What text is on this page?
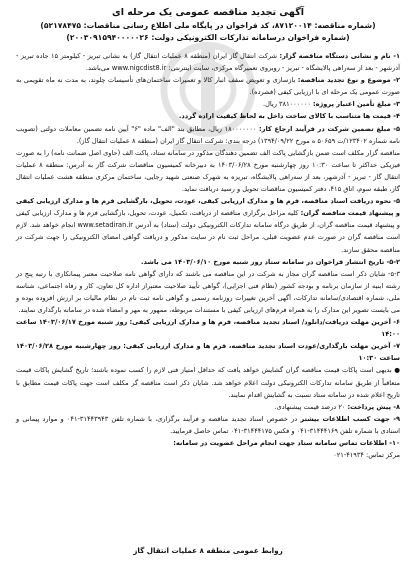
آگهی تجدید مناقصه عمومی یک مرحله ای
(شماره مناقصه: ۸۷۱۲۰۰۱۴، کد فراخوان در پایگاه ملی اطلاع رسانی مناقصات: ۵۲۱۷۸۴۷۵)
(شماره فراخوان درسامانه تدارکات الکترونیکی دولت: ۲۰۰۳۰۹۱۵۹۴۰۰۰۰۰۲۶)

۱- نام و نشانی دستگاه مناقصه گزار: شرکت انتقال گاز ایران (منطقه ۸ عملیات انتقال گاز) به نشانی تبریز - کیلومتر ۱۵ جاده تبریز - آذرشهر - بعد از سه‌راهی پالایشگاه - تبریز - روبروی تعمیرگاه مرکزی، سایت اینترنتی: www.nigcdist8.ir می‌باشد.

۲- موضوع و نوع تجدید مناقصه: بازسازی و تعویض سقف انبار کالا و تعمیرات ساختمان‌های تأسیسات چلوند، به مدت نه ماه تقویمی به صورت عمومی یک مرحله ای با ارزیابی کیفی (فشرده).

۳- مبلغ تأمین اعتبار پروژه: ۳۸۱۰۰۰۰۰۰ ریال.

۴- قیمت ها متناسب با کالای ساخت داخل به لحاظ کیفیت اراده گردد.

۵- مبلغ تضمین شرکت در فرآیند ارجاع کار: ۱۸۰۰۰۰۰۰۰ ریال، مطابق بند "الف" ماده "۶" آیین نامه تضمین معاملات دولتی (تصویب نامه شماره ۱۲۳۴۰۲/ت ۵۰۶۵۹ ه مورخ ۱۳۹۴/۰۹/۲۲) درجه بندی: شرکت انتقال گاز ایران (منطقه ۸ عملیات انتقال گاز).

مناقصه گزار مکلف است ضمن بازگشایی پاکت الف تضمین دهندگان مذکور در سامانه ستاد، پاکت الف (حاوی اصل ضمانت نامه) را به صورت فیزیکی حداکثر تا ساعت ۱۰:۳۰ روز چهارشنبه مورخ ۱۴۰۳/۰۶/۲۸ به دبیرخانه کمیسیون مناقصات شرکت گاز به آدرس: منطقه ۸ عملیات انتقال گاز - تبریز - آذرشهر، بعد از سه‌راهی پالایشگاه، تبریزه به شهرک صنعتی شهید رجایی، ساختمان مرکزی منطقه هشت عملیات انتقال گاز، طبقه سوم، اتاق ۴۱۵، دفتر کمیسیون مناقصات تحویل و رسید دریافت نماید.

۵- نحوه دریافت اسناد مناقصه، فرم ها و مدارک ارزیابی کیفی، عودت، تحویل، بارگشایی فرم ها و مدارک ارزیابی کیفی و پیشنهاد قیمت مناقصه گران: کلیه مراحل برگزاری مناقصه از دریافت، تکمیل، عودت، تحویل، بازگشایی فرم ها و مدارک ارزیابی کیفی و پیشنهاد قیمت مناقصه گران، از طریق درگاه سامانه تدارکات الکترونیکی دولت (ستاد) به آدرس www.setadiran.ir انجام خواهد شد. لازم است مناقصه گران در صورت عدم عضویت قبلی، مراحل ثبت نام در سایت مذکور و دریافت گواهی امضای الکترونیکی را جهت شرکت در مناقصه محقق سازند.

۵-۲- تاریخ انتشار فراخوان در سامانه ستاد روز شنبه مورخ ۱۴۰۳/۰۶/۱۰ می باشد.

۵-۳- شایان ذکر است مناقصه گران مجاز به شرکت در این مناقصه می باشند که دارای گواهی نامه صلاحیت معتبر پیمانکاری با رتبه پنج در رشته ابنیه از سازمان برنامه و بودجه کشور (نظام فنی اجرایی)، گواهی تأیید صلاحیت معتبراز اداره کل تعاون، کار و رفاه اجتماعی، شناسه ملی، شماره اقتصادی/سامانه تدارکات، آگهی آخرین تغییرات روزنامه رسمی و گواهی نامه ثبت نام در نظام مالیات بر ارزش افزوده بوده و می بایست تصویر این مدارک را به همراه فرم‌های ارزیابی کیفی با مستندات مربوطه، ممهور به مهر و امضاء شده در سامانه بارگذاری نمایند.

۶- آخرین مهلت دریافت/دانلود/ اسناد تجدید مناقصه، فرم ها و مدارک ارزیابی کیفی: روز شنبه مورخ ۱۴۰۳/۰۶/۱۷ ساعت ۱۴:۰۰

۷- آخرین مهلت بارگذاری/عودت اسناد تجدید مناقصه، فرم ها و مدارک ارزیابی کیفی: روز چهارشنبه مورخ ۱۴۰۳/۰۶/۲۸ ساعت ۱۰:۳۰

● بدیهی است پاکات قیمت مناقصه گران گشایش خواهد یافت که حداقل امتیاز فنی لازم را کسب نموده باشند؛ تاریخ گشایش پاکات قیمت متعاقباً از طریق سامانه تدارکات الکترونیکی دولت اعلام خواهد شد. شایان ذکر است مناقصه گر مکلف است جهت پاکات قیمت مطابق با تاریخ اعلام شده در سامانه ستاد نسبت به گشایش اقدام نمایند.

۸- پیش پرداخت: ۲۰ درصد قیمت پیشنهادی.

۹- جهت کسب اطلاعات بیشتر در خصوص اسناد تجدید مناقصه و فرآیند برگزاری، با شماره تلفن ۳۱۴۴۳۹۴۳-۰۴۱ و موارد پیمانی و اسنادی با شماره تلفن ۳۱۴۴۴۱۶۹-۰۴۱ و فکس ۳۱۴۴۴۱۷۵-۰۴۱ تماس حاصل فرمایید.

۱۰- اطلاعات تماس سامانه ستاد جهت انجام مراحل عضویت در سامانه:

مرکز تماس: ۴۱۹۳۴-۰۲۱

روابط عمومی منطقه ۸ عملیات انتقال گاز
